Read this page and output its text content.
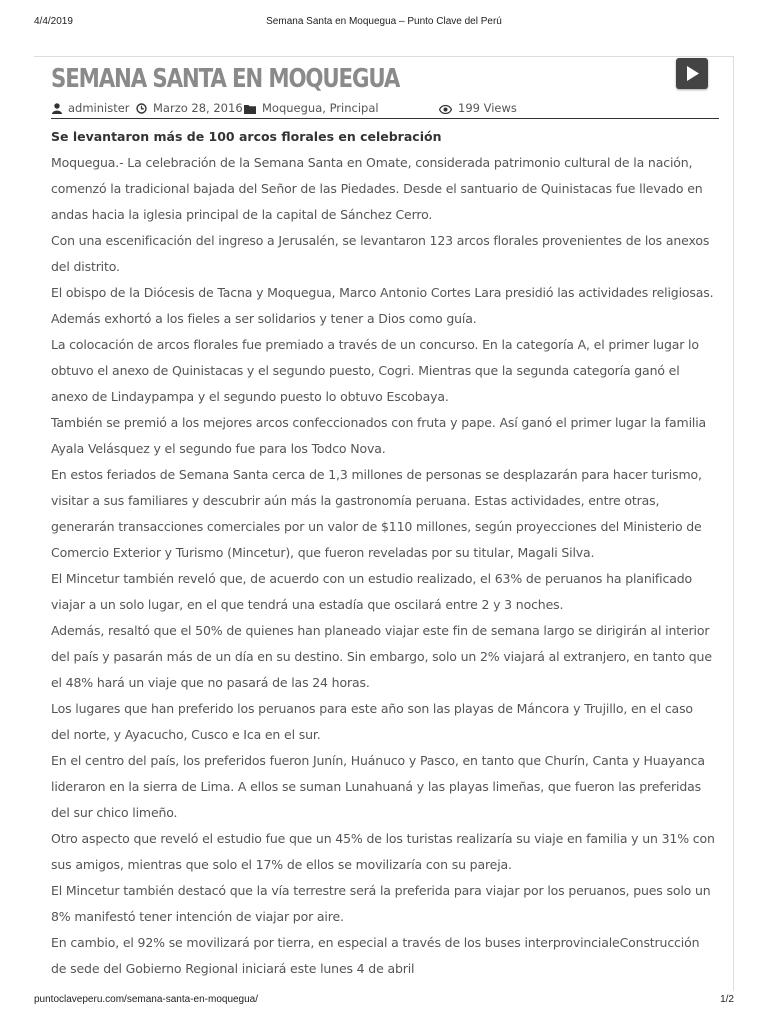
4/4/2019	Semana Santa en Moquegua – Punto Clave del Perú
SEMANA SANTA EN MOQUEGUA
administer	Marzo 28, 2016	Moquegua, Principal	199 Views
Se levantaron más de 100 arcos florales en celebración
Moquegua.- La celebración de la Semana Santa en Omate, considerada patrimonio cultural de la nación,
comenzó la tradicional bajada del Señor de las Piedades. Desde el santuario de Quinistacas fue llevado en
andas hacia la iglesia principal de la capital de Sánchez Cerro.
Con una escenificación del ingreso a Jerusalén, se levantaron 123 arcos florales provenientes de los anexos
del distrito.
El obispo de la Diócesis de Tacna y Moquegua, Marco Antonio Cortes Lara presidió las actividades religiosas.
Además exhortó a los fieles a ser solidarios y tener a Dios como guía.
La colocación de arcos florales fue premiado a través de un concurso. En la categoría A, el primer lugar lo
obtuvo el anexo de Quinistacas y el segundo puesto, Cogri. Mientras que la segunda categoría ganó el
anexo de Lindaypampa y el segundo puesto lo obtuvo Escobaya.
También se premió a los mejores arcos confeccionados con fruta y pape. Así ganó el primer lugar la familia
Ayala Velásquez y el segundo fue para los Todco Nova.
En estos feriados de Semana Santa cerca de 1,3 millones de personas se desplazarán para hacer turismo,
visitar a sus familiares y descubrir aún más la gastronomía peruana. Estas actividades, entre otras,
generarán transacciones comerciales por un valor de $110 millones, según proyecciones del Ministerio de
Comercio Exterior y Turismo (Mincetur), que fueron reveladas por su titular, Magali Silva.
El Mincetur también reveló que, de acuerdo con un estudio realizado, el 63% de peruanos ha planificado
viajar a un solo lugar, en el que tendrá una estadía que oscilará entre 2 y 3 noches.
Además, resaltó que el 50% de quienes han planeado viajar este fin de semana largo se dirigirán al interior
del país y pasarán más de un día en su destino. Sin embargo, solo un 2% viajará al extranjero, en tanto que
el 48% hará un viaje que no pasará de las 24 horas.
Los lugares que han preferido los peruanos para este año son las playas de Máncora y Trujillo, en el caso
del norte, y Ayacucho, Cusco e Ica en el sur.
En el centro del país, los preferidos fueron Junín, Huánuco y Pasco, en tanto que Churín, Canta y Huayanca
lideraron en la sierra de Lima. A ellos se suman Lunahuaná y las playas limeñas, que fueron las preferidas
del sur chico limeño.
Otro aspecto que reveló el estudio fue que un 45% de los turistas realizaría su viaje en familia y un 31% con
sus amigos, mientras que solo el 17% de ellos se movilizaría con su pareja.
El Mincetur también destacó que la vía terrestre será la preferida para viajar por los peruanos, pues solo un
8% manifestó tener intención de viajar por aire.
En cambio, el 92% se movilizará por tierra, en especial a través de los buses interprovincialeConstrucción
de sede del Gobierno Regional iniciará este lunes 4 de abril
puntoclaveperu.com/semana-santa-en-moquegua/	1/2
